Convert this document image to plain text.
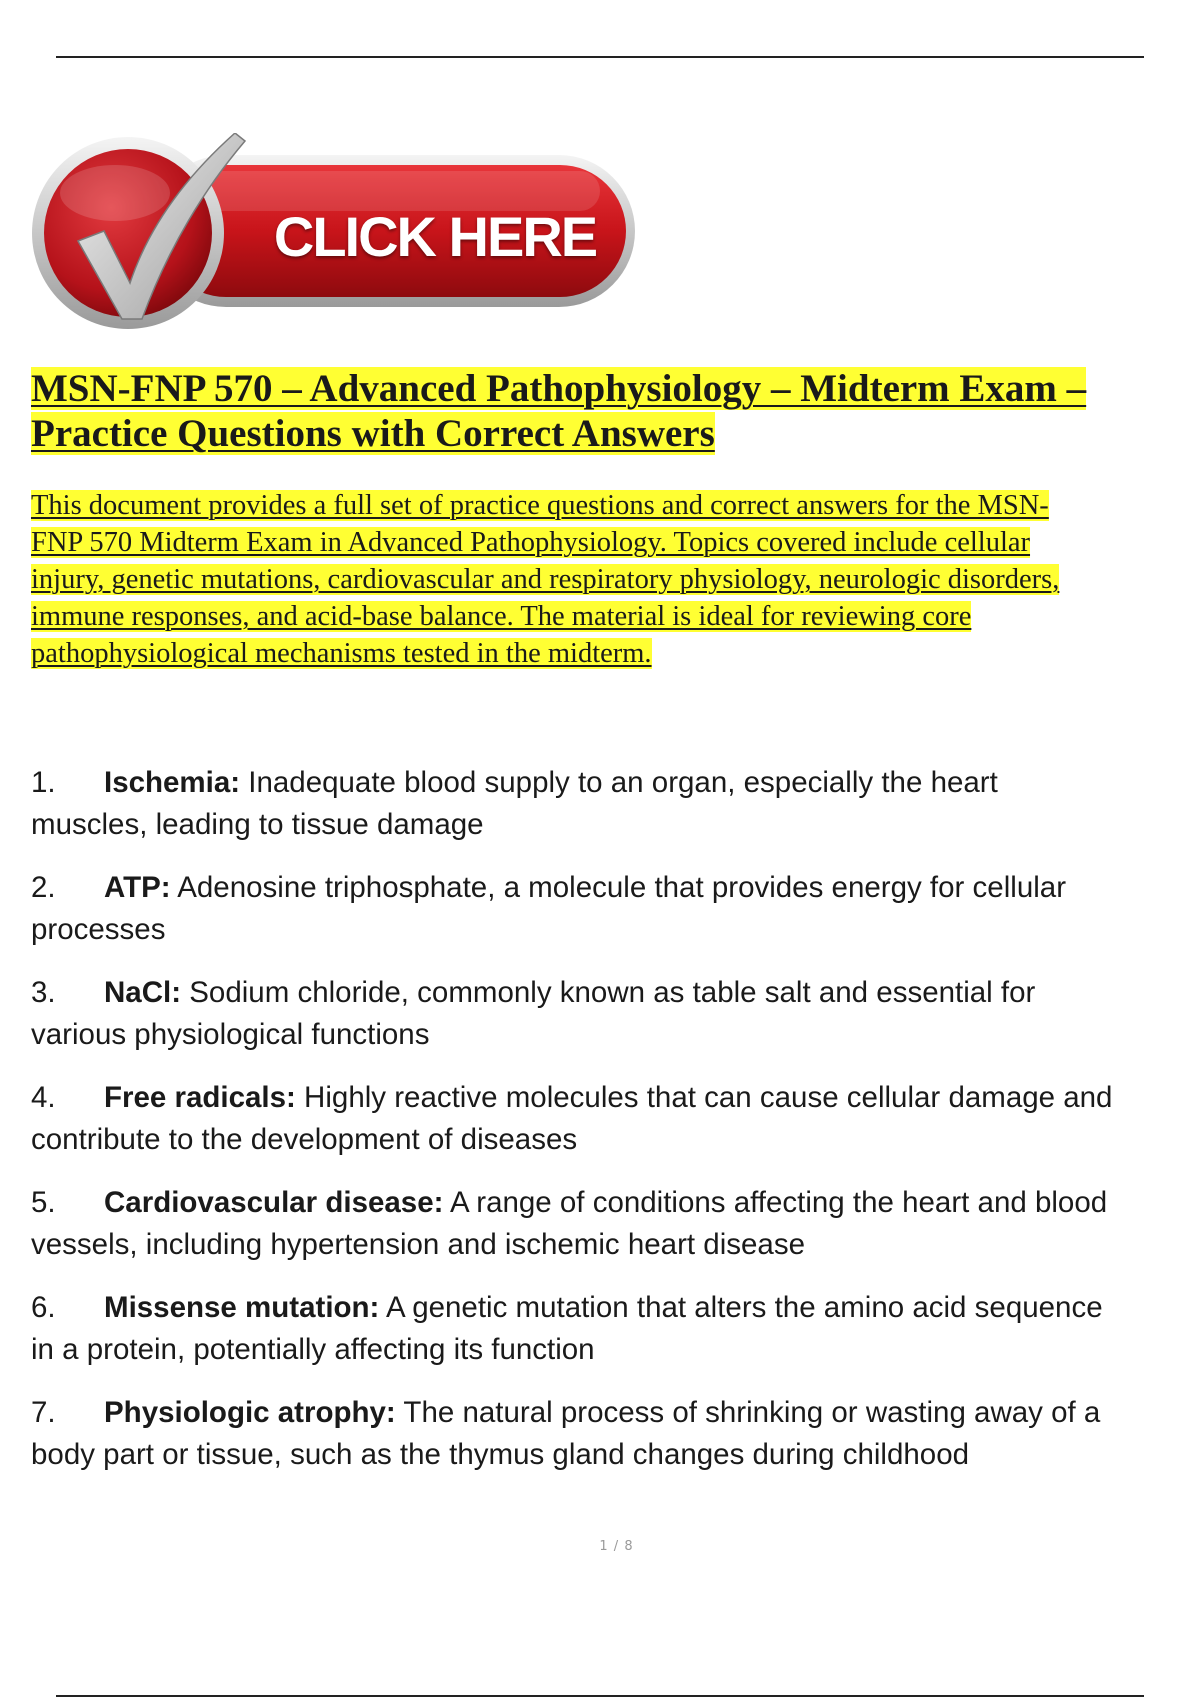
CLICK HERE
MSN-FNP 570 – Advanced Pathophysiology – Midterm Exam – Practice Questions with Correct Answers
This document provides a full set of practice questions and correct answers for the MSN-
FNP 570 Midterm Exam in Advanced Pathophysiology. Topics covered include cellular
injury, genetic mutations, cardiovascular and respiratory physiology, neurologic disorders,
immune responses, and acid-base balance. The material is ideal for reviewing core
pathophysiological mechanisms tested in the midterm.
1. Ischemia: Inadequate blood supply to an organ, especially the heart
muscles, leading to tissue damage
2. ATP: Adenosine triphosphate, a molecule that provides energy for cellular
processes
3. NaCl: Sodium chloride, commonly known as table salt and essential for
various physiological functions
4. Free radicals: Highly reactive molecules that can cause cellular damage and
contribute to the development of diseases
5. Cardiovascular disease: A range of conditions affecting the heart and blood
vessels, including hypertension and ischemic heart disease
6. Missense mutation: A genetic mutation that alters the amino acid sequence
in a protein, potentially affecting its function
7. Physiologic atrophy: The natural process of shrinking or wasting away of a
body part or tissue, such as the thymus gland changes during childhood
1 / 8
